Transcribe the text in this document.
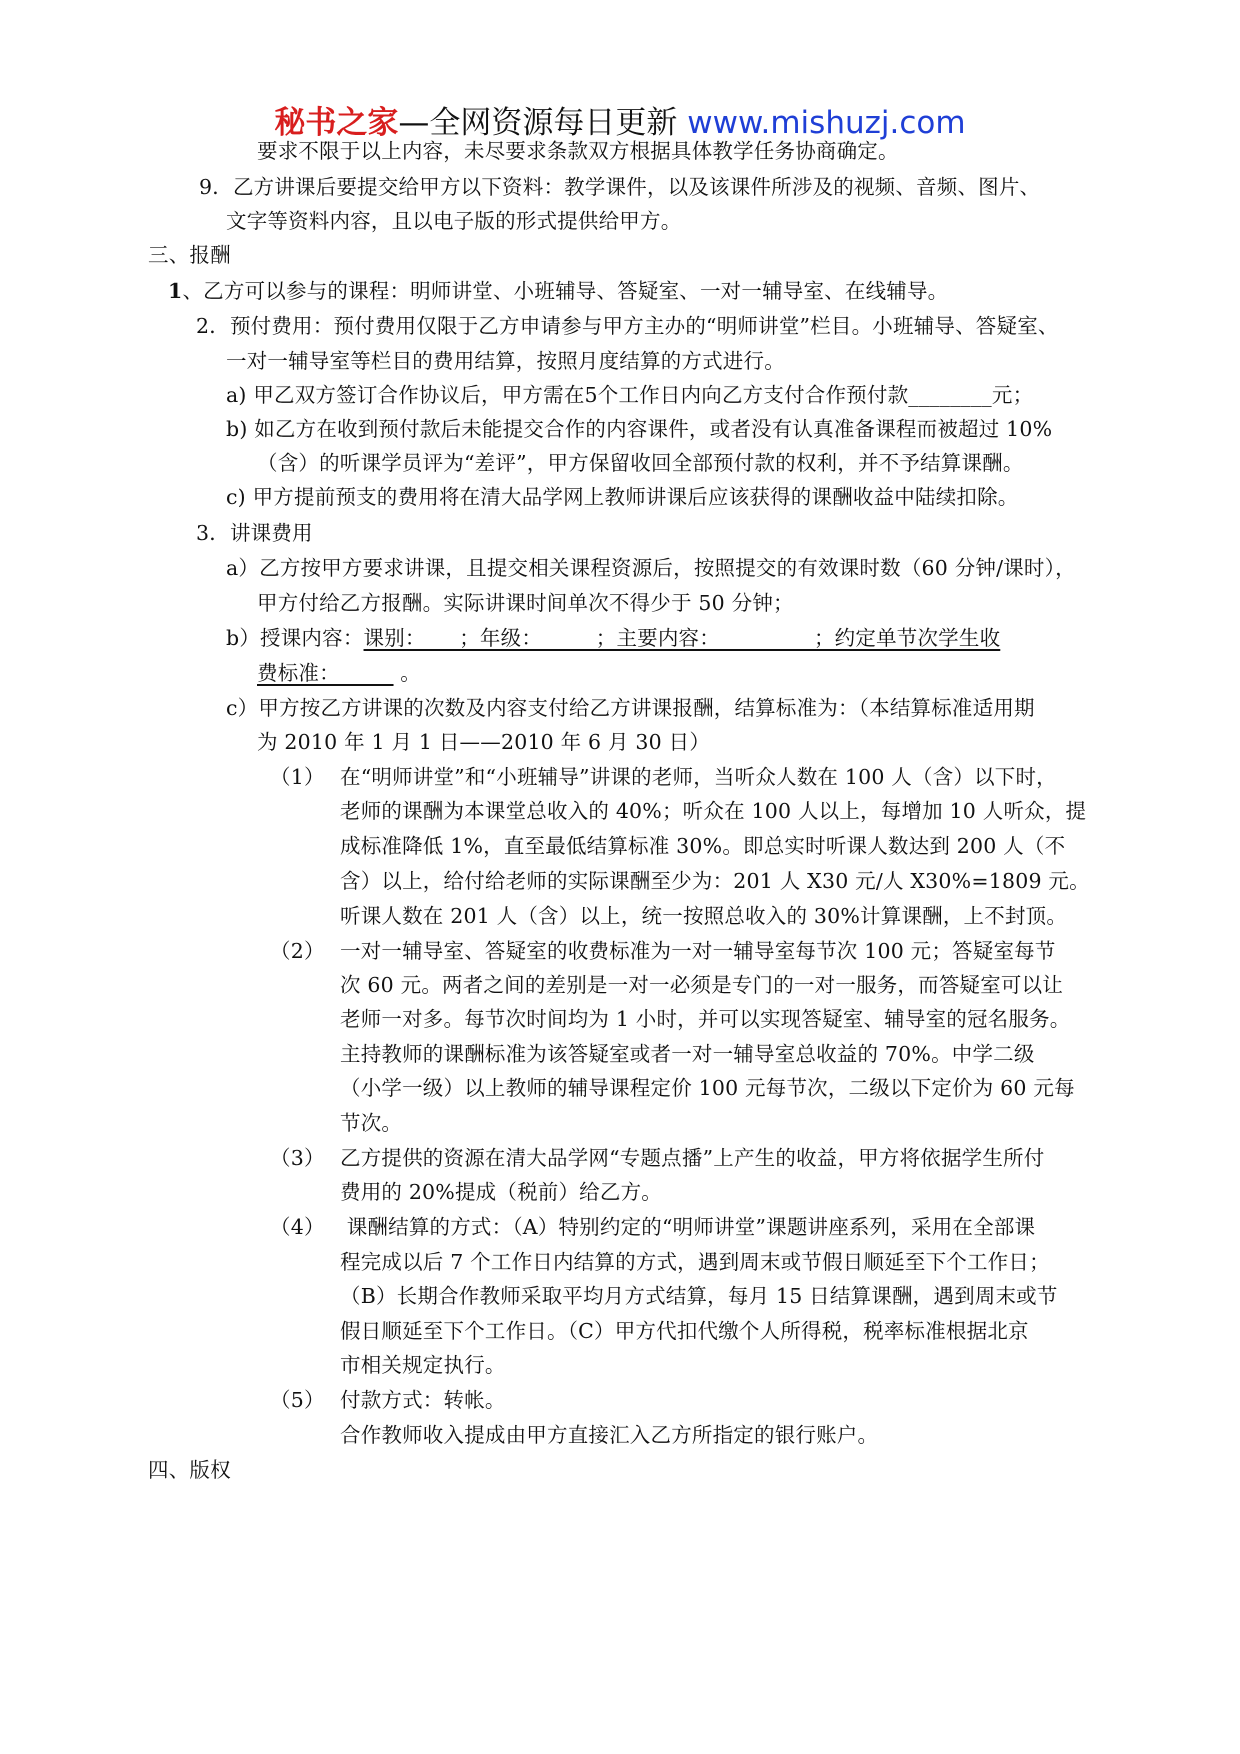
秘书之家—全网资源每日更新 www.mishuzj.com
要求不限于以上内容，未尽要求条款双方根据具体教学任务协商确定。
9．乙方讲课后要提交给甲方以下资料：教学课件，以及该课件所涉及的视频、音频、图片、
文字等资料内容，且以电子版的形式提供给甲方。
三、报酬
1、乙方可以参与的课程：明师讲堂、小班辅导、答疑室、一对一辅导室、在线辅导。
2．预付费用：预付费用仅限于乙方申请参与甲方主办的“明师讲堂”栏目。小班辅导、答疑室、
一对一辅导室等栏目的费用结算，按照月度结算的方式进行。
a) 甲乙双方签订合作协议后，甲方需在5个工作日内向乙方支付合作预付款________元；
b) 如乙方在收到预付款后未能提交合作的内容课件，或者没有认真准备课程而被超过 10%
（含）的听课学员评为“差评”，甲方保留收回全部预付款的权利，并不予结算课酬。
c) 甲方提前预支的费用将在清大品学网上教师讲课后应该获得的课酬收益中陆续扣除。
3．讲课费用
a）乙方按甲方要求讲课，且提交相关课程资源后，按照提交的有效课时数（60 分钟/课时），
甲方付给乙方报酬。实际讲课时间单次不得少于 50 分钟；
b）授课内容：课别：     ；年级：        ；主要内容：              ；约定单节次学生收
费标准：         。
c）甲方按乙方讲课的次数及内容支付给乙方讲课报酬，结算标准为：（本结算标准适用期
为 2010 年 1 月 1 日——2010 年 6 月 30 日）
（1） 在“明师讲堂”和“小班辅导”讲课的老师，当听众人数在 100 人（含）以下时，
老师的课酬为本课堂总收入的 40%；听众在 100 人以上，每增加 10 人听众，提
成标准降低 1%，直至最低结算标准 30%。即总实时听课人数达到 200 人（不
含）以上，给付给老师的实际课酬至少为：201 人 X30 元/人 X30%=1809 元。
听课人数在 201 人（含）以上，统一按照总收入的 30%计算课酬，上不封顶。
（2） 一对一辅导室、答疑室的收费标准为一对一辅导室每节次 100 元；答疑室每节
次 60 元。两者之间的差别是一对一必须是专门的一对一服务，而答疑室可以让
老师一对多。每节次时间均为 1 小时，并可以实现答疑室、辅导室的冠名服务。
主持教师的课酬标准为该答疑室或者一对一辅导室总收益的 70%。中学二级
（小学一级）以上教师的辅导课程定价 100 元每节次，二级以下定价为 60 元每
节次。
（3） 乙方提供的资源在清大品学网“专题点播”上产生的收益，甲方将依据学生所付
费用的 20%提成（税前）给乙方。
（4） 课酬结算的方式：（A）特别约定的“明师讲堂”课题讲座系列，采用在全部课
程完成以后 7 个工作日内结算的方式，遇到周末或节假日顺延至下个工作日；
（B）长期合作教师采取平均月方式结算，每月 15 日结算课酬，遇到周末或节
假日顺延至下个工作日。（C）甲方代扣代缴个人所得税，税率标准根据北京
市相关规定执行。
（5） 付款方式：转帐。
合作教师收入提成由甲方直接汇入乙方所指定的银行账户。
四、版权
